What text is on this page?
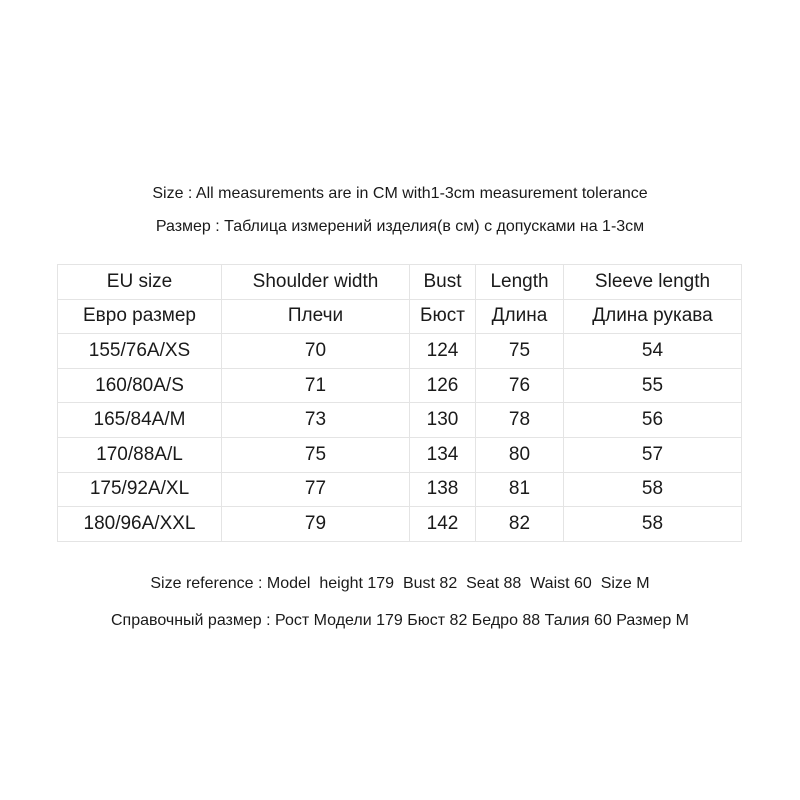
Size : All measurements are in CM with1-3cm measurement tolerance
Размер : Таблица измерений изделия(в см) с допусками на 1-3см
EU size	Shoulder width	Bust	Length	Sleeve length
Евро размер	Плечи	Бюст	Длина	Длина рукава
155/76A/XS	70	124	75	54
160/80A/S	71	126	76	55
165/84A/M	73	130	78	56
170/88A/L	75	134	80	57
175/92A/XL	77	138	81	58
180/96A/XXL	79	142	82	58
Size reference : Model  height 179  Bust 82  Seat 88  Waist 60  Size M
Справочный размер : Рост Модели 179 Бюст 82 Бедро 88 Талия 60 Размер M
